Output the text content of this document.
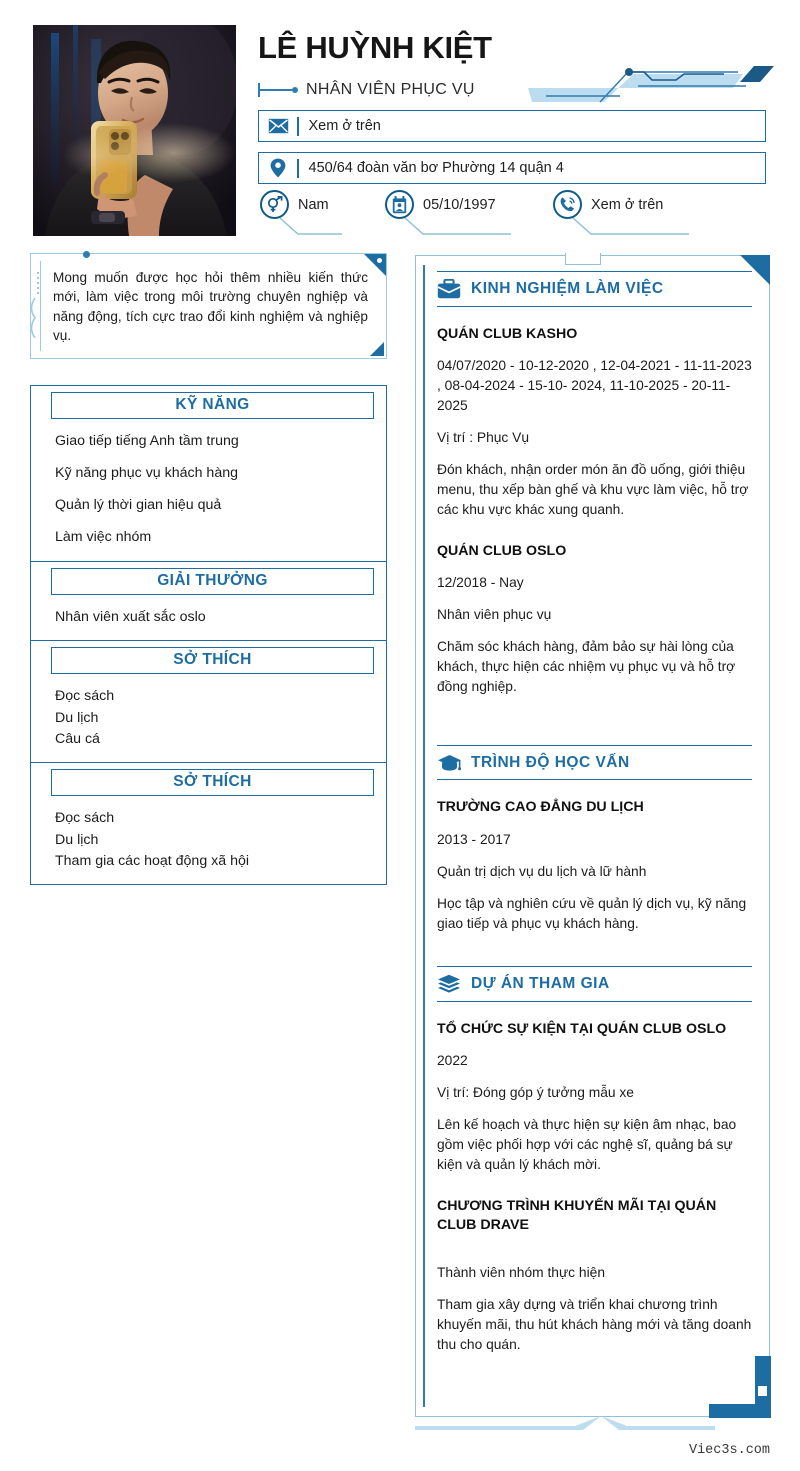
LÊ HUỲNH KIỆT
NHÂN VIÊN PHỤC VỤ
Xem ở trên
450/64 đoàn văn bơ Phường 14 quận 4
Nam	05/10/1997	Xem ở trên
Mong muốn được học hỏi thêm nhiều kiến thức mới, làm việc trong môi trường chuyên nghiệp và năng động, tích cực trao đổi kinh nghiệm và nghiệp vụ.
KỸ NĂNG
Giao tiếp tiếng Anh tầm trung
Kỹ năng phục vụ khách hàng
Quản lý thời gian hiệu quả
Làm việc nhóm
GIẢI THƯỞNG
Nhân viên xuất sắc oslo
SỞ THÍCH
Đọc sách
Du lịch
Câu cá
SỞ THÍCH
Đọc sách
Du lịch
Tham gia các hoạt động xã hội
KINH NGHIỆM LÀM VIỆC
QUÁN CLUB KASHO
04/07/2020 - 10-12-2020 , 12-04-2021 - 11-11-2023 , 08-04-2024 - 15-10- 2024, 11-10-2025 - 20-11-2025
Vị trí : Phục Vụ
Đón khách, nhận order món ăn đồ uống, giới thiệu menu, thu xếp bàn ghế và khu vực làm việc, hỗ trợ các khu vực khác xung quanh.
QUÁN CLUB OSLO
12/2018 - Nay
Nhân viên phục vụ
Chăm sóc khách hàng, đảm bảo sự hài lòng của khách, thực hiện các nhiệm vụ phục vụ và hỗ trợ đồng nghiệp.
TRÌNH ĐỘ HỌC VẤN
TRƯỜNG CAO ĐẲNG DU LỊCH
2013 - 2017
Quản trị dịch vụ du lịch và lữ hành
Học tập và nghiên cứu về quản lý dịch vụ, kỹ năng giao tiếp và phục vụ khách hàng.
DỰ ÁN THAM GIA
TỔ CHỨC SỰ KIỆN TẠI QUÁN CLUB OSLO
2022
Vị trí: Đóng góp ý tưởng mẫu xe
Lên kế hoạch và thực hiện sự kiện âm nhạc, bao gồm việc phối hợp với các nghệ sĩ, quảng bá sự kiện và quản lý khách mời.
CHƯƠNG TRÌNH KHUYẾN MÃI TẠI QUÁN CLUB DRAVE
Thành viên nhóm thực hiện
Tham gia xây dựng và triển khai chương trình khuyến mãi, thu hút khách hàng mới và tăng doanh thu cho quán.
Viec3s.com
